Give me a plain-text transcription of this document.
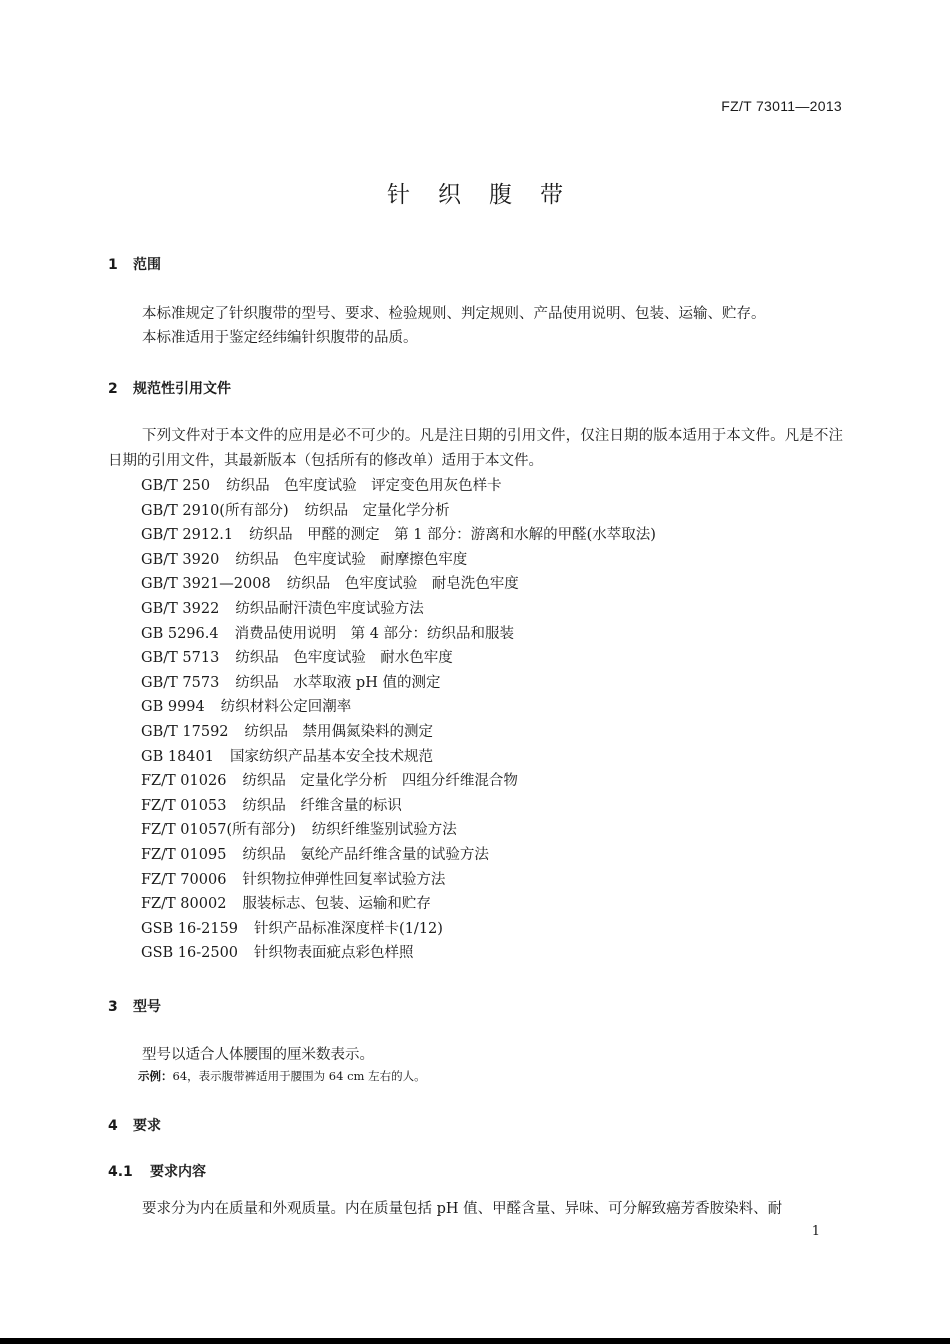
FZ/T 73011—2013
针织腹带
1 范围
本标准规定了针织腹带的型号、要求、检验规则、判定规则、产品使用说明、包装、运输、贮存。
本标准适用于鉴定经纬编针织腹带的品质。
2 规范性引用文件
下列文件对于本文件的应用是必不可少的。凡是注日期的引用文件，仅注日期的版本适用于本文件。凡是不注日期的引用文件，其最新版本（包括所有的修改单）适用于本文件。
GB/T 250 纺织品　色牢度试验　评定变色用灰色样卡
GB/T 2910(所有部分) 纺织品　定量化学分析
GB/T 2912.1 纺织品　甲醛的测定　第 1 部分：游离和水解的甲醛(水萃取法)
GB/T 3920 纺织品　色牢度试验　耐摩擦色牢度
GB/T 3921—2008 纺织品　色牢度试验　耐皂洗色牢度
GB/T 3922 纺织品耐汗渍色牢度试验方法
GB 5296.4 消费品使用说明　第 4 部分：纺织品和服装
GB/T 5713 纺织品　色牢度试验　耐水色牢度
GB/T 7573 纺织品　水萃取液 pH 值的测定
GB 9994 纺织材料公定回潮率
GB/T 17592 纺织品　禁用偶氮染料的测定
GB 18401 国家纺织产品基本安全技术规范
FZ/T 01026 纺织品　定量化学分析　四组分纤维混合物
FZ/T 01053 纺织品　纤维含量的标识
FZ/T 01057(所有部分) 纺织纤维鉴别试验方法
FZ/T 01095 纺织品　氨纶产品纤维含量的试验方法
FZ/T 70006 针织物拉伸弹性回复率试验方法
FZ/T 80002 服装标志、包装、运输和贮存
GSB 16-2159 针织产品标准深度样卡(1/12)
GSB 16-2500 针织物表面疵点彩色样照
3 型号
型号以适合人体腰围的厘米数表示。
示例：64，表示腹带裤适用于腰围为 64 cm 左右的人。
4 要求
4.1 要求内容
要求分为内在质量和外观质量。内在质量包括 pH 值、甲醛含量、异味、可分解致癌芳香胺染料、耐
1
